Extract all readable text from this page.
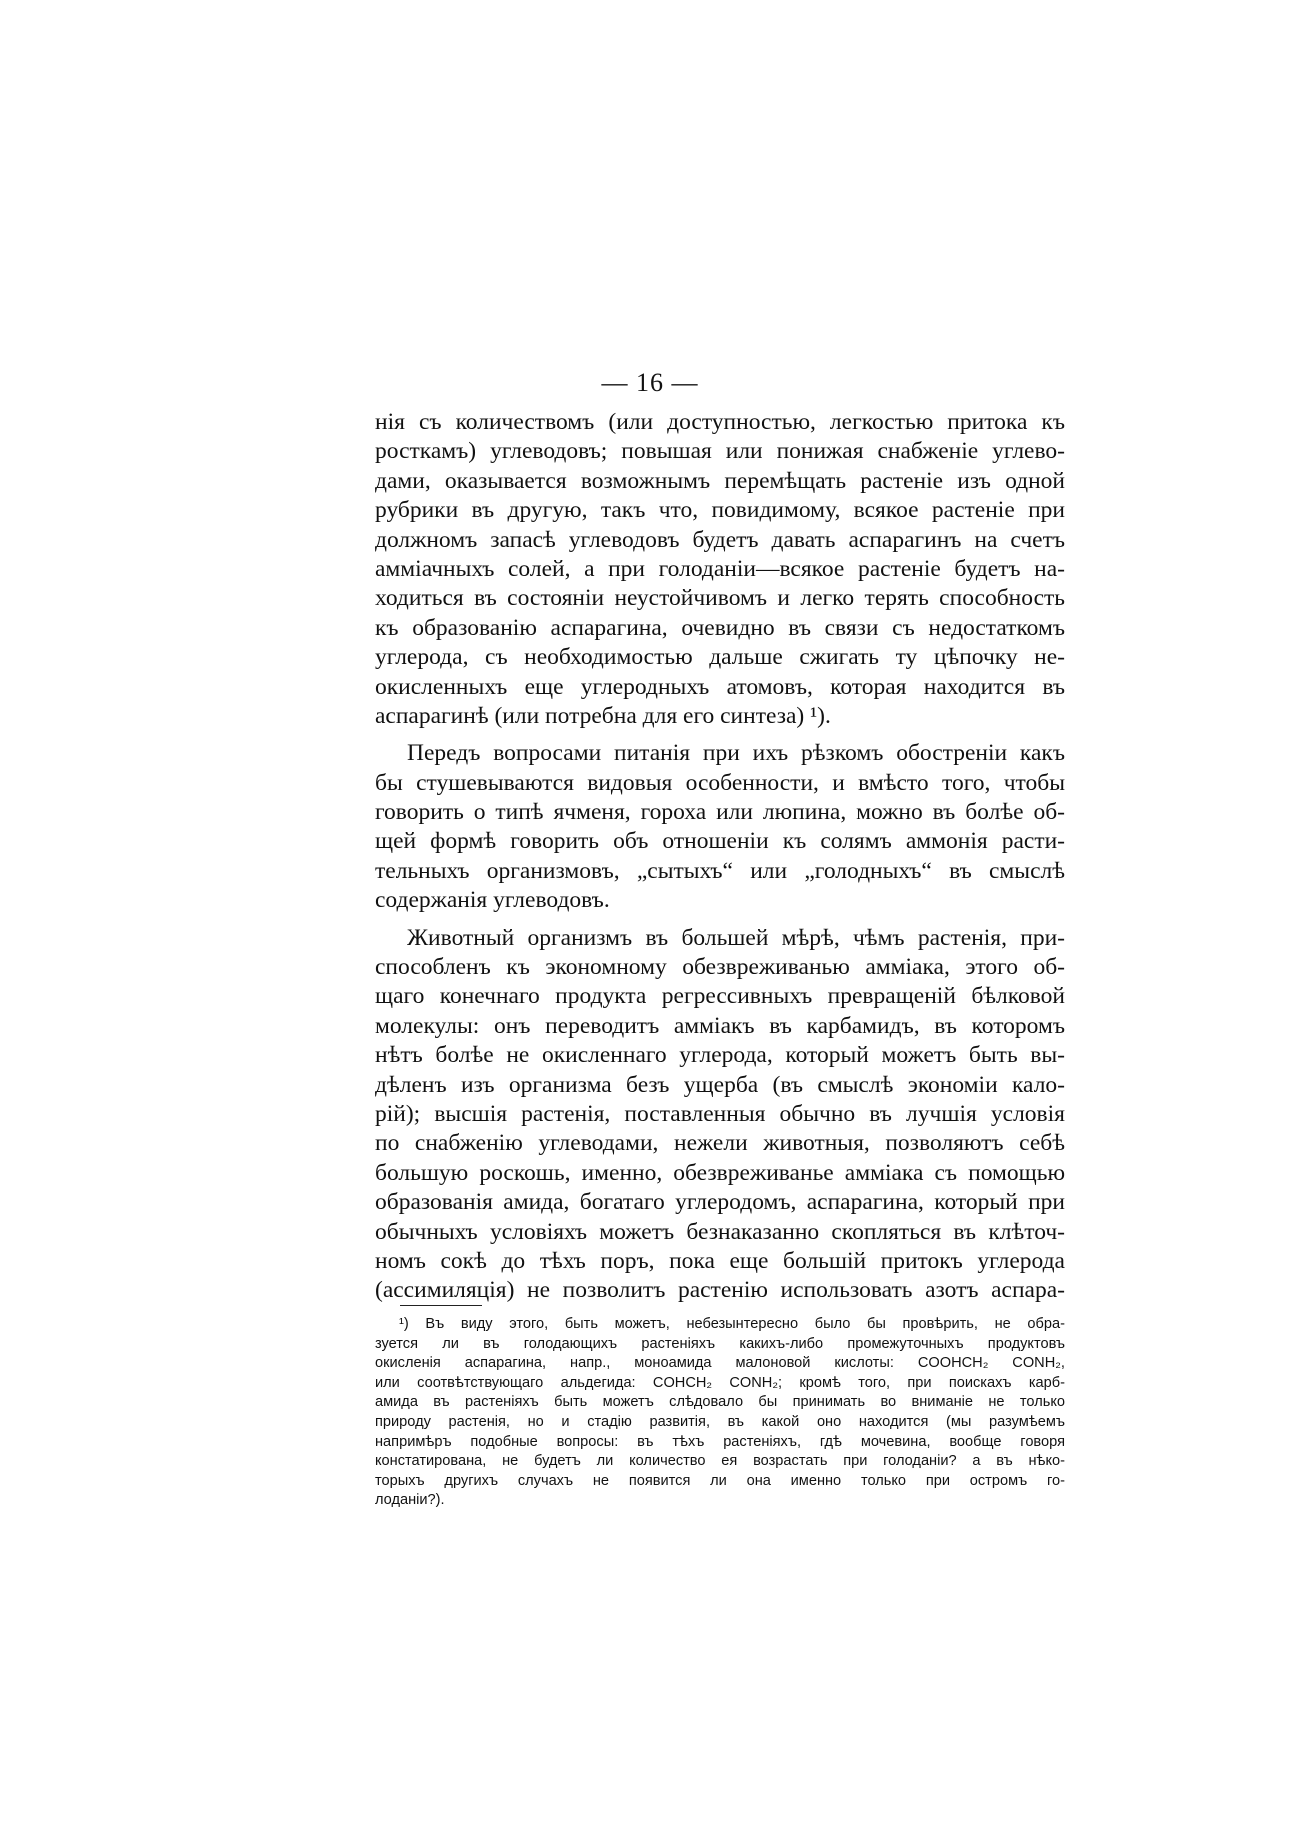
— 16 —
нія съ количествомъ (или доступностью, легкостью притока къ
росткамъ) углеводовъ; повышая или понижая снабженіе углево-
дами, оказывается возможнымъ перемѣщать растеніе изъ одной
рубрики въ другую, такъ что, повидимому, всякое растеніе при
должномъ запасѣ углеводовъ будетъ давать аспарагинъ на счетъ
амміачныхъ солей, а при голоданіи—всякое растеніе будетъ на-
ходиться въ состояніи неустойчивомъ и легко терять способность
къ образованію аспарагина, очевидно въ связи съ недостаткомъ
углерода, съ необходимостью дальше сжигать ту цѣпочку не-
окисленныхъ еще углеродныхъ атомовъ, которая находится въ
аспарагинѣ (или потребна для его синтеза) ¹).
Передъ вопросами питанія при ихъ рѣзкомъ обостреніи какъ
бы стушевываются видовыя особенности, и вмѣсто того, чтобы
говорить о типѣ ячменя, гороха или люпина, можно въ болѣе об-
щей формѣ говорить объ отношеніи къ солямъ аммонія расти-
тельныхъ организмовъ, „сытыхъ“ или „голодныхъ“ въ смыслѣ
содержанія углеводовъ.
Животный организмъ въ большей мѣрѣ, чѣмъ растенія, при-
способленъ къ экономному обезвреживанью амміака, этого об-
щаго конечнаго продукта регрессивныхъ превращеній бѣлковой
молекулы: онъ переводитъ амміакъ въ карбамидъ, въ которомъ
нѣтъ болѣе не окисленнаго углерода, который можетъ быть вы-
дѣленъ изъ организма безъ ущерба (въ смыслѣ экономіи кало-
рій); высшія растенія, поставленныя обычно въ лучшія условія
по снабженію углеводами, нежели животныя, позволяютъ себѣ
большую роскошь, именно, обезвреживанье амміака съ помощью
образованія амида, богатаго углеродомъ, аспарагина, который при
обычныхъ условіяхъ можетъ безнаказанно скопляться въ клѣточ-
номъ сокѣ до тѣхъ поръ, пока еще большій притокъ углерода
(ассимиляція) не позволитъ растенію использовать азотъ аспара-
¹) Въ виду этого, быть можетъ, небезынтересно было бы провѣрить, не обра-
зуется ли въ голодающихъ растеніяхъ какихъ-либо промежуточныхъ продуктовъ
окисленія аспарагина, напр., моноамида малоновой кислоты: COOHCH₂ CONH₂,
или соотвѣтствующаго альдегида: COHCH₂ CONH₂; кромѣ того, при поискахъ карб-
амида въ растеніяхъ быть можетъ слѣдовало бы принимать во вниманіе не только
природу растенія, но и стадію развитія, въ какой оно находится (мы разумѣемъ
напримѣръ подобные вопросы: въ тѣхъ растеніяхъ, гдѣ мочевина, вообще говоря
констатирована, не будетъ ли количество ея возрастать при голоданіи? а въ нѣко-
торыхъ другихъ случахъ не появится ли она именно только при остромъ го-
лоданіи?).
